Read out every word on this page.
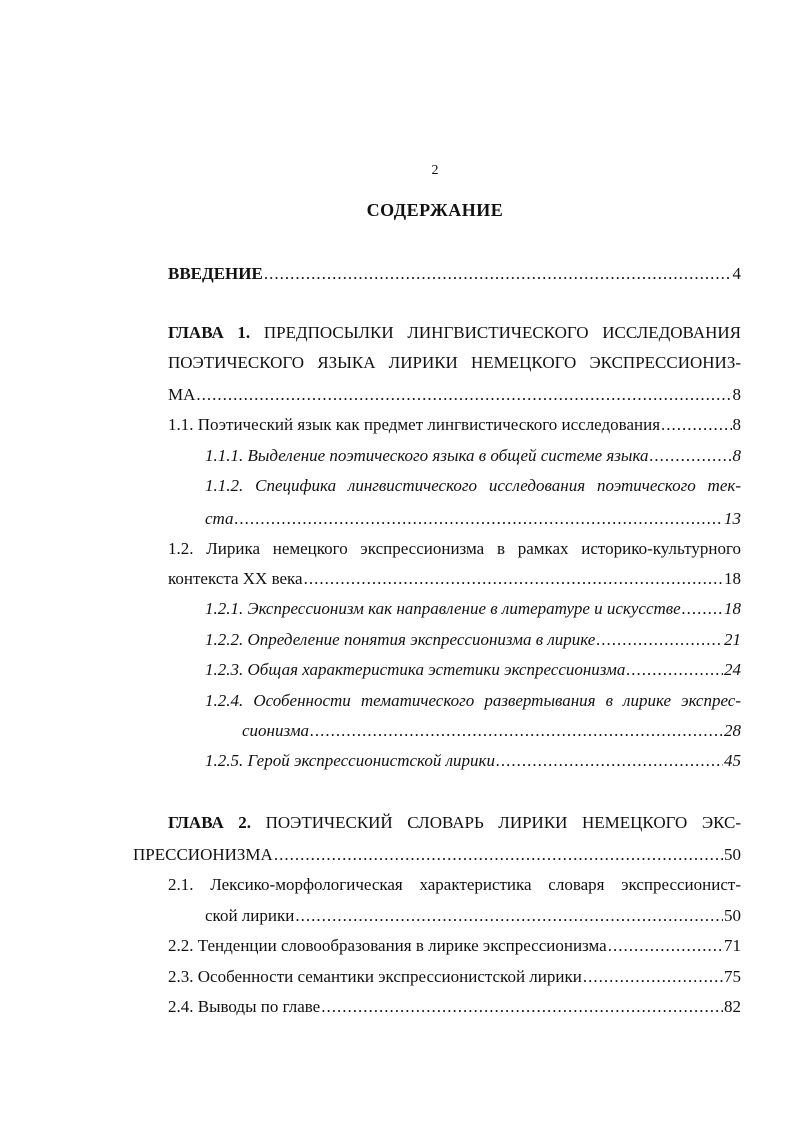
2
СОДЕРЖАНИЕ
ВВЕДЕНИЕ .....	4
ГЛАВА 1. ПРЕДПОСЫЛКИ ЛИНГВИСТИЧЕСКОГО ИССЛЕДОВАНИЯ
ПОЭТИЧЕСКОГО ЯЗЫКА ЛИРИКИ НЕМЕЦКОГО ЭКСПРЕССИОНИЗ-
МА .....	8
1.1. Поэтический язык как предмет лингвистического исследования .....	8
1.1.1. Выделение поэтического языка в общей системе языка .....	8
1.1.2. Специфика лингвистического исследования поэтического тек-
ста .....	13
1.2. Лирика немецкого экспрессионизма в рамках историко-культурного
контекста XX века .....	18
1.2.1. Экспрессионизм как направление в литературе и искусстве .....	18
1.2.2. Определение понятия экспрессионизма в лирике .....	21
1.2.3. Общая характеристика эстетики экспрессионизма .....	24
1.2.4. Особенности тематического развертывания в лирике экспрес-
сионизма .....	28
1.2.5. Герой экспрессионистской лирики .....	45
ГЛАВА 2. ПОЭТИЧЕСКИЙ СЛОВАРЬ ЛИРИКИ НЕМЕЦКОГО ЭКС-
ПРЕССИОНИЗМА .....	50
2.1. Лексико-морфологическая характеристика словаря экспрессионист-
ской лирики .....	50
2.2. Тенденции словообразования в лирике экспрессионизма .....	71
2.3. Особенности семантики экспрессионистской лирики .....	75
2.4. Выводы по главе .....	82
